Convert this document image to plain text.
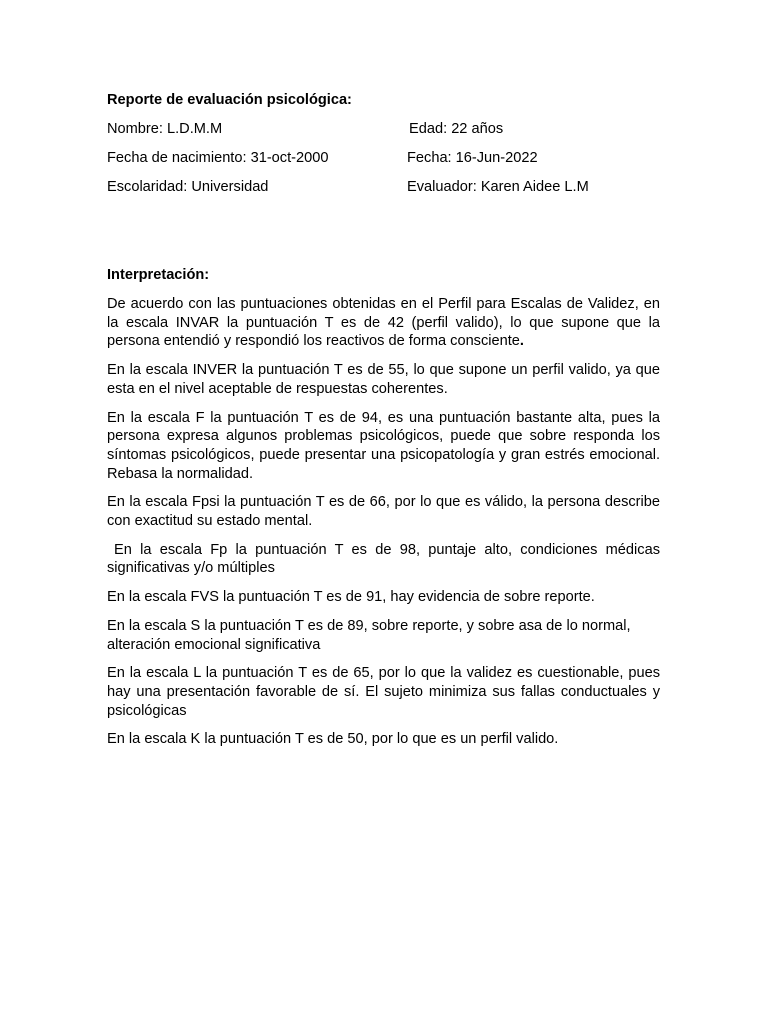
Reporte de evaluación psicológica:
Nombre: L.D.M.M	Edad: 22 años
Fecha de nacimiento: 31-oct-2000	Fecha: 16-Jun-2022
Escolaridad: Universidad	Evaluador: Karen Aidee L.M
Interpretación:

De acuerdo con las puntuaciones obtenidas en el Perfil para Escalas de Validez, en la escala INVAR la puntuación T es de 42 (perfil valido), lo que supone que la persona entendió y respondió los reactivos de forma consciente.

En la escala INVER la puntuación T es de 55, lo que supone un perfil valido, ya que esta en el nivel aceptable de respuestas coherentes.

En la escala F la puntuación T es de 94, es una puntuación bastante alta, pues la persona expresa algunos problemas psicológicos, puede que sobre responda los síntomas psicológicos, puede presentar una psicopatología y gran estrés emocional. Rebasa la normalidad.

En la escala Fpsi la puntuación T es de 66, por lo que es válido, la persona describe con exactitud su estado mental.

En la escala Fp la puntuación T es de 98, puntaje alto, condiciones médicas significativas y/o múltiples

En la escala FVS la puntuación T es de 91, hay evidencia de sobre reporte.

En la escala S la puntuación T es de 89, sobre reporte, y sobre asa de lo normal, alteración emocional significativa

En la escala L la puntuación T es de 65, por lo que la validez es cuestionable, pues hay una presentación favorable de sí. El sujeto minimiza sus fallas conductuales y psicológicas

En la escala K la puntuación T es de 50, por lo que es un perfil valido.
